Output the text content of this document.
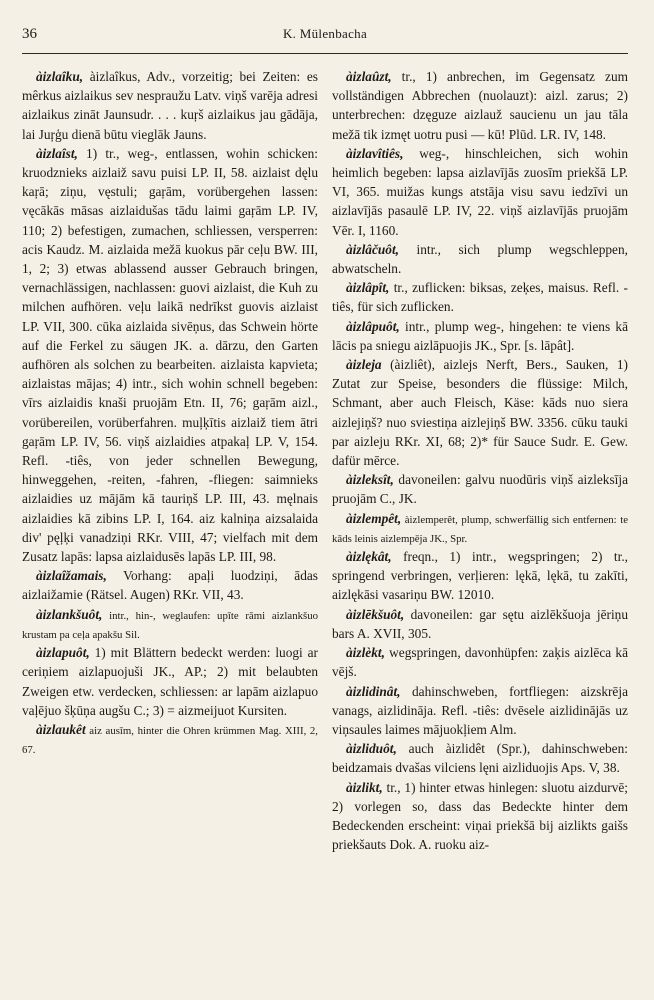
36	K. Mülenbacha

àizlaîku, àizlaîkus, Adv., vorzeitig; bei Zeiten: es mêrkus aizlaikus sev nespraužu Latv. viņš varēja adresi aizlaikus zināt Jaunsudr. . . . kuŗš aizlaikus jau gādāja, lai Juŗģu dienā būtu vieglāk Jauns.

àizlaîst, 1) tr., weg-, entlassen, wohin schicken: kruodznieks aizlaiž savu puisi LP. II, 58. aizlaist dęlu kaŗā; ziņu, vęstuli; gaŗām, vorübergehen lassen: vęcākās māsas aizlaidušas tādu laimi gaŗām LP. IV, 110; 2) befestigen, zumachen, schliessen, versperren: acis Kaudz. M. aizlaida mežā kuokus pār ceļu BW. III, 1, 2; 3) etwas ablassend ausser Gebrauch bringen, vernachlässigen, nachlassen: guovi aizlaist, die Kuh zu milchen aufhören. veļu laikā nedrīkst guovis aizlaist LP. VII, 300. cūka aizlaida sivēņus, das Schwein hörte auf die Ferkel zu säugen JK. a. dārzu, den Garten aufhören als solchen zu bearbeiten. aizlaista kapvieta; aizlaistas mājas; 4) intr., sich wohin schnell begeben: vīrs aizlaidis knaši pruojām Etn. II, 76; gaŗām aizl., vorübereilen, vorüberfahren. muļķītis aizlaiž tiem ātri gaŗām LP. IV, 56. viņš aizlaidies atpakaļ LP. V, 154. Refl. -tiês, von jeder schnellen Bewegung, hinweggehen, -reiten, -fahren, -fliegen: saimnieks aizlaidies uz mājām kā tauriņš LP. III, 43. męlnais aizlaidies kā zibins LP. I, 164. aiz kalniņa aizsalaida div' pęļķi vanadziņi RKr. VIII, 47; vielfach mit dem Zusatz lapās: lapsa aizlaidusēs lapās LP. III, 98.

àizlaîžamais, Vorhang: apaļi luodziņi, ādas aizlaižamie (Rätsel. Augen) RKr. VII, 43.

àizlankšuôt, intr., hin-, weglaufen: upīte rāmi aizlankšuo krustam pa ceļa apakšu Sil.

àizlapuôt, 1) mit Blättern bedeckt werden: luogi ar ceriņiem aizlapuojuši JK., AP.; 2) mit belaubten Zweigen etw. verdecken, schliessen: ar lapām aizlapuo vaļējuo šķūņa augšu C.; 3) = aizmeijuot Kursiten.

àizlaukêt aiz ausīm, hinter die Ohren krümmen Mag. XIII, 2, 67.

àizlaûzt, tr., 1) anbrechen, im Gegensatz zum vollständigen Abbrechen (nuolauzt): aizl. zarus; 2) unterbrechen: dzęguze aizlauž saucienu un jau tāla mežā tik izmęt uotru pusi — kū! Plūd. LR. IV, 148.

àizlavîtiês, weg-, hinschleichen, sich wohin heimlich begeben: lapsa aizlavījās zuosīm priekšā LP. VI, 365. muižas kungs atstāja visu savu iedzīvi un aizlavījās pasaulē LP. IV, 22. viņš aizlavījās pruojām Vēr. I, 1160.

àizlâčuôt, intr., sich plump wegschleppen, abwatscheln.

àizlâpît, tr., zuflicken: biksas, zeķes, maisus. Refl. -tiês, für sich zuflicken.

àizlâpuôt, intr., plump weg-, hingehen: te viens kā lācis pa sniegu aizlāpuojis JK., Spr. [s. lāpât].

àizleja (àizliêt), aizlejs Nerft, Bers., Sauken, 1) Zutat zur Speise, besonders die flüssige: Milch, Schmant, aber auch Fleisch, Käse: kāds nuo siera aizlejiņš? nuo sviestiņa aizlejiņš BW. 3356. cūku tauki par aizleju RKr. XI, 68; 2)* für Sauce Sudr. E. Gew. dafür mērce.

àizleksît, davoneilen: galvu nuodūris viņš aizleksīja pruojām C., JK.

àizlempêt, àizlemperêt, plump, schwerfällig sich entfernen: te kāds leinis aizlempēja JK., Spr.

àizlękât, freqn., 1) intr., wegspringen; 2) tr., springend verbringen, verļieren: lękā, lękā, tu zakīti, aizlękāsi vasariņu BW. 12010.

àizlēkšuôt, davoneilen: gar sętu aizlēkšuoja jēriņu bars A. XVII, 305.

àizlèkt, wegspringen, davonhüpfen: zaķis aizlēca kā vējš.

àizlidinât, dahinschweben, fortfliegen: aizskrēja vanags, aizlidināja. Refl. -tiês: dvēsele aizlidinājās uz viņsaules laimes mājuokļiem Alm.

àizliduôt, auch àizlidêt (Spr.), dahinschweben: beidzamais dvašas vilciens lęni aizliduojis Aps. V, 38.

àizlikt, tr., 1) hinter etwas hinlegen: sluotu aizdurvē; 2) vorlegen so, dass das Bedeckte hinter dem Bedeckenden erscheint: viņai priekšā bij aizlikts gaišs priekšauts Dok. A. ruoku aiz-
